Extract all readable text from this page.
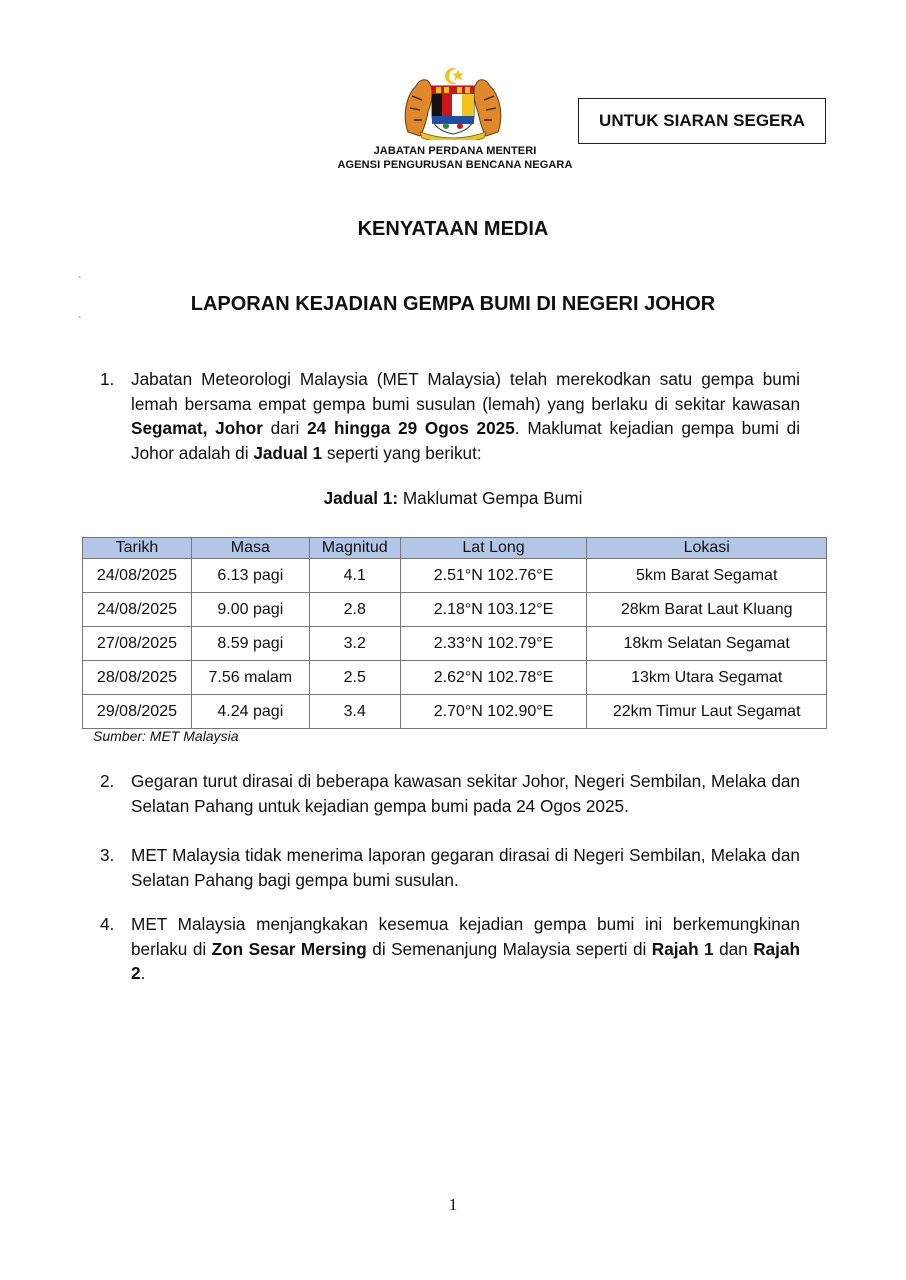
JABATAN PERDANA MENTERI
AGENSI PENGURUSAN BENCANA NEGARA
UNTUK SIARAN SEGERA
KENYATAAN MEDIA
`
`
LAPORAN KEJADIAN GEMPA BUMI DI NEGERI JOHOR
1. Jabatan Meteorologi Malaysia (MET Malaysia) telah merekodkan satu gempa bumi lemah bersama empat gempa bumi susulan (lemah) yang berlaku di sekitar kawasan Segamat, Johor dari 24 hingga 29 Ogos 2025. Maklumat kejadian gempa bumi di Johor adalah di Jadual 1 seperti yang berikut:
Jadual 1: Maklumat Gempa Bumi
Tarikh	Masa	Magnitud	Lat Long	Lokasi
24/08/2025	6.13 pagi	4.1	2.51°N 102.76°E	5km Barat Segamat
24/08/2025	9.00 pagi	2.8	2.18°N 103.12°E	28km Barat Laut Kluang
27/08/2025	8.59 pagi	3.2	2.33°N 102.79°E	18km Selatan Segamat
28/08/2025	7.56 malam	2.5	2.62°N 102.78°E	13km Utara Segamat
29/08/2025	4.24 pagi	3.4	2.70°N 102.90°E	22km Timur Laut Segamat
Sumber: MET Malaysia
2. Gegaran turut dirasai di beberapa kawasan sekitar Johor, Negeri Sembilan, Melaka dan Selatan Pahang untuk kejadian gempa bumi pada 24 Ogos 2025.
3. MET Malaysia tidak menerima laporan gegaran dirasai di Negeri Sembilan, Melaka dan Selatan Pahang bagi gempa bumi susulan.
4. MET Malaysia menjangkakan kesemua kejadian gempa bumi ini berkemungkinan berlaku di Zon Sesar Mersing di Semenanjung Malaysia seperti di Rajah 1 dan Rajah 2.
1
